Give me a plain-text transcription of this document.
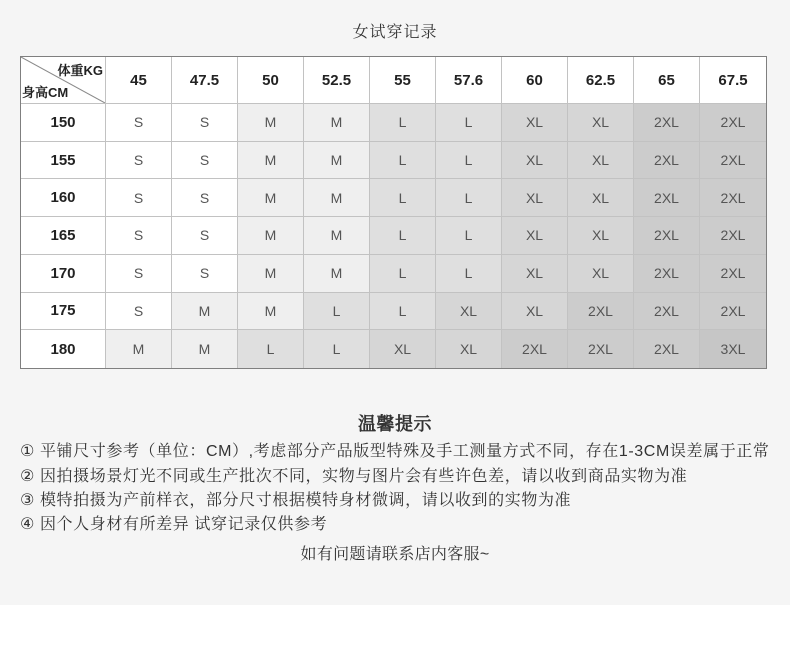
女试穿记录
体重KG
身高CM
45	47.5	50	52.5	55	57.6	60	62.5	65	67.5
150	S	S	M	M	L	L	XL	XL	2XL	2XL
155	S	S	M	M	L	L	XL	XL	2XL	2XL
160	S	S	M	M	L	L	XL	XL	2XL	2XL
165	S	S	M	M	L	L	XL	XL	2XL	2XL
170	S	S	M	M	L	L	XL	XL	2XL	2XL
175	S	M	M	L	L	XL	XL	2XL	2XL	2XL
180	M	M	L	L	XL	XL	2XL	2XL	2XL	3XL
温馨提示
① 平铺尺寸参考（单位：CM）,考虑部分产品版型特殊及手工测量方式不同，存在1-3CM误差属于正常
② 因拍摄场景灯光不同或生产批次不同，实物与图片会有些许色差，请以收到商品实物为准
③ 模特拍摄为产前样衣，部分尺寸根据模特身材微调，请以收到的实物为准
④ 因个人身材有所差异 试穿记录仅供参考
如有问题请联系店内客服~
